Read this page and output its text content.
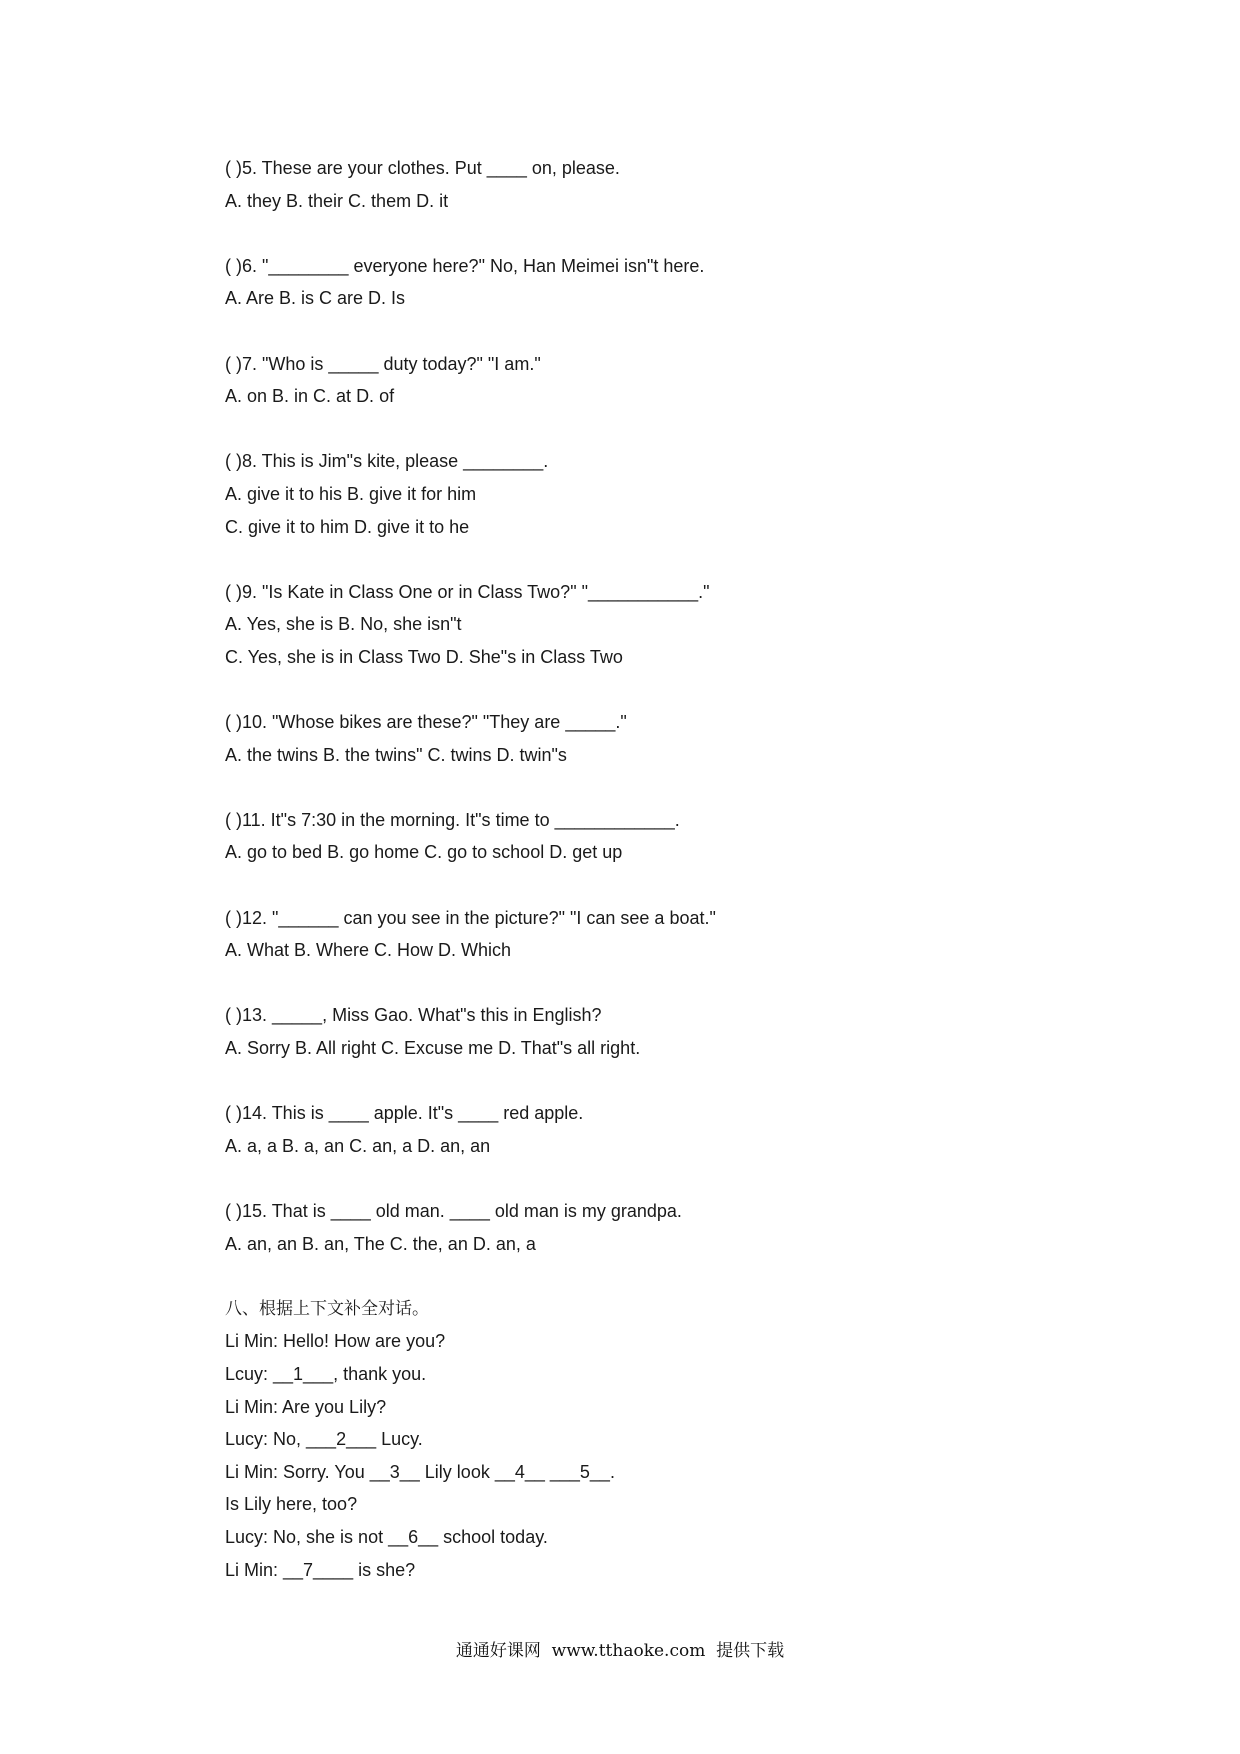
( )5. These are your clothes. Put ____ on, please.
A. they B. their C. them D. it
( )6. "________ everyone here?" No, Han Meimei isn"t here.
A. Are B. is C are D. Is
( )7. "Who is _____ duty today?" "I am."
A. on B. in C. at D. of
( )8. This is Jim"s kite, please ________.
A. give it to his B. give it for him
C. give it to him D. give it to he
( )9. "Is Kate in Class One or in Class Two?" "___________."
A. Yes, she is B. No, she isn"t
C. Yes, she is in Class Two D. She"s in Class Two
( )10. "Whose bikes are these?" "They are _____."
A. the twins B. the twins" C. twins D. twin"s
( )11. It"s 7:30 in the morning. It"s time to ____________.
A. go to bed B. go home C. go to school D. get up
( )12. "______ can you see in the picture?" "I can see a boat."
A. What B. Where C. How D. Which
( )13. _____, Miss Gao. What"s this in English?
A. Sorry B. All right C. Excuse me D. That"s all right.
( )14. This is ____ apple. It"s ____ red apple.
A. a, a B. a, an C. an, a D. an, an
( )15. That is ____ old man. ____ old man is my grandpa.
A. an, an B. an, The C. the, an D. an, a
八、根据上下文补全对话。
Li Min: Hello! How are you?
Lcuy: __1___, thank you.
Li Min: Are you Lily?
Lucy: No, ___2___ Lucy.
Li Min: Sorry. You __3__ Lily look __4__ ___5__.
Is Lily here, too?
Lucy: No, she is not __6__ school today.
Li Min: __7____ is she?
通通好课网  www.tthaoke.com  提供下载
